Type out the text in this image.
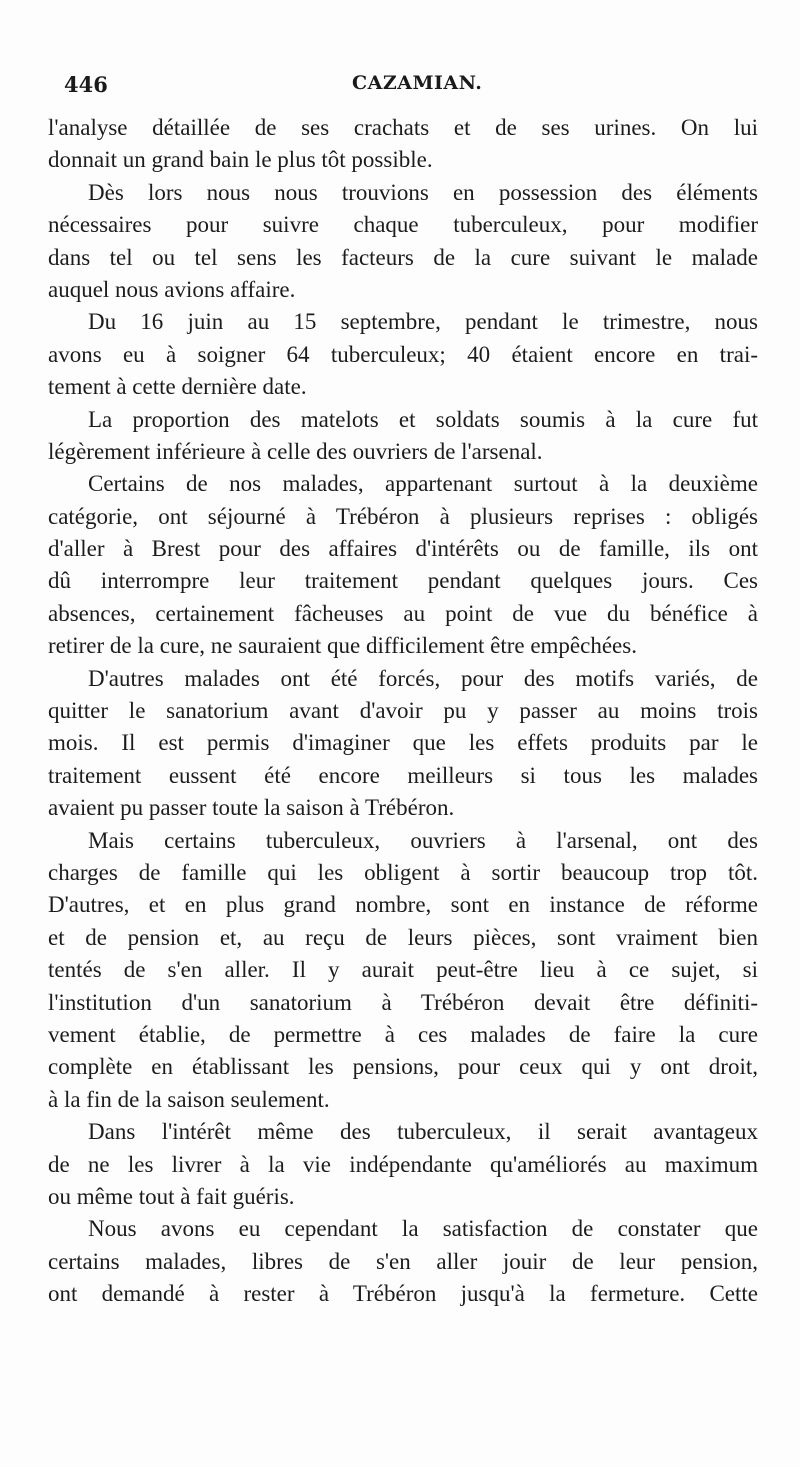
446	CAZAMIAN.
l'analyse détaillée de ses crachats et de ses urines. On lui
donnait un grand bain le plus tôt possible.
Dès lors nous nous trouvions en possession des éléments
nécessaires pour suivre chaque tuberculeux, pour modifier
dans tel ou tel sens les facteurs de la cure suivant le malade
auquel nous avions affaire.
Du 16 juin au 15 septembre, pendant le trimestre, nous
avons eu à soigner 64 tuberculeux; 40 étaient encore en trai-
tement à cette dernière date.
La proportion des matelots et soldats soumis à la cure fut
légèrement inférieure à celle des ouvriers de l'arsenal.
Certains de nos malades, appartenant surtout à la deuxième
catégorie, ont séjourné à Trébéron à plusieurs reprises : obligés
d'aller à Brest pour des affaires d'intérêts ou de famille, ils ont
dû interrompre leur traitement pendant quelques jours. Ces
absences, certainement fâcheuses au point de vue du bénéfice à
retirer de la cure, ne sauraient que difficilement être empêchées.
D'autres malades ont été forcés, pour des motifs variés, de
quitter le sanatorium avant d'avoir pu y passer au moins trois
mois. Il est permis d'imaginer que les effets produits par le
traitement eussent été encore meilleurs si tous les malades
avaient pu passer toute la saison à Trébéron.
Mais certains tuberculeux, ouvriers à l'arsenal, ont des
charges de famille qui les obligent à sortir beaucoup trop tôt.
D'autres, et en plus grand nombre, sont en instance de réforme
et de pension et, au reçu de leurs pièces, sont vraiment bien
tentés de s'en aller. Il y aurait peut-être lieu à ce sujet, si
l'institution d'un sanatorium à Trébéron devait être définiti-
vement établie, de permettre à ces malades de faire la cure
complète en établissant les pensions, pour ceux qui y ont droit,
à la fin de la saison seulement.
Dans l'intérêt même des tuberculeux, il serait avantageux
de ne les livrer à la vie indépendante qu'améliorés au maximum
ou même tout à fait guéris.
Nous avons eu cependant la satisfaction de constater que
certains malades, libres de s'en aller jouir de leur pension,
ont demandé à rester à Trébéron jusqu'à la fermeture. Cette
